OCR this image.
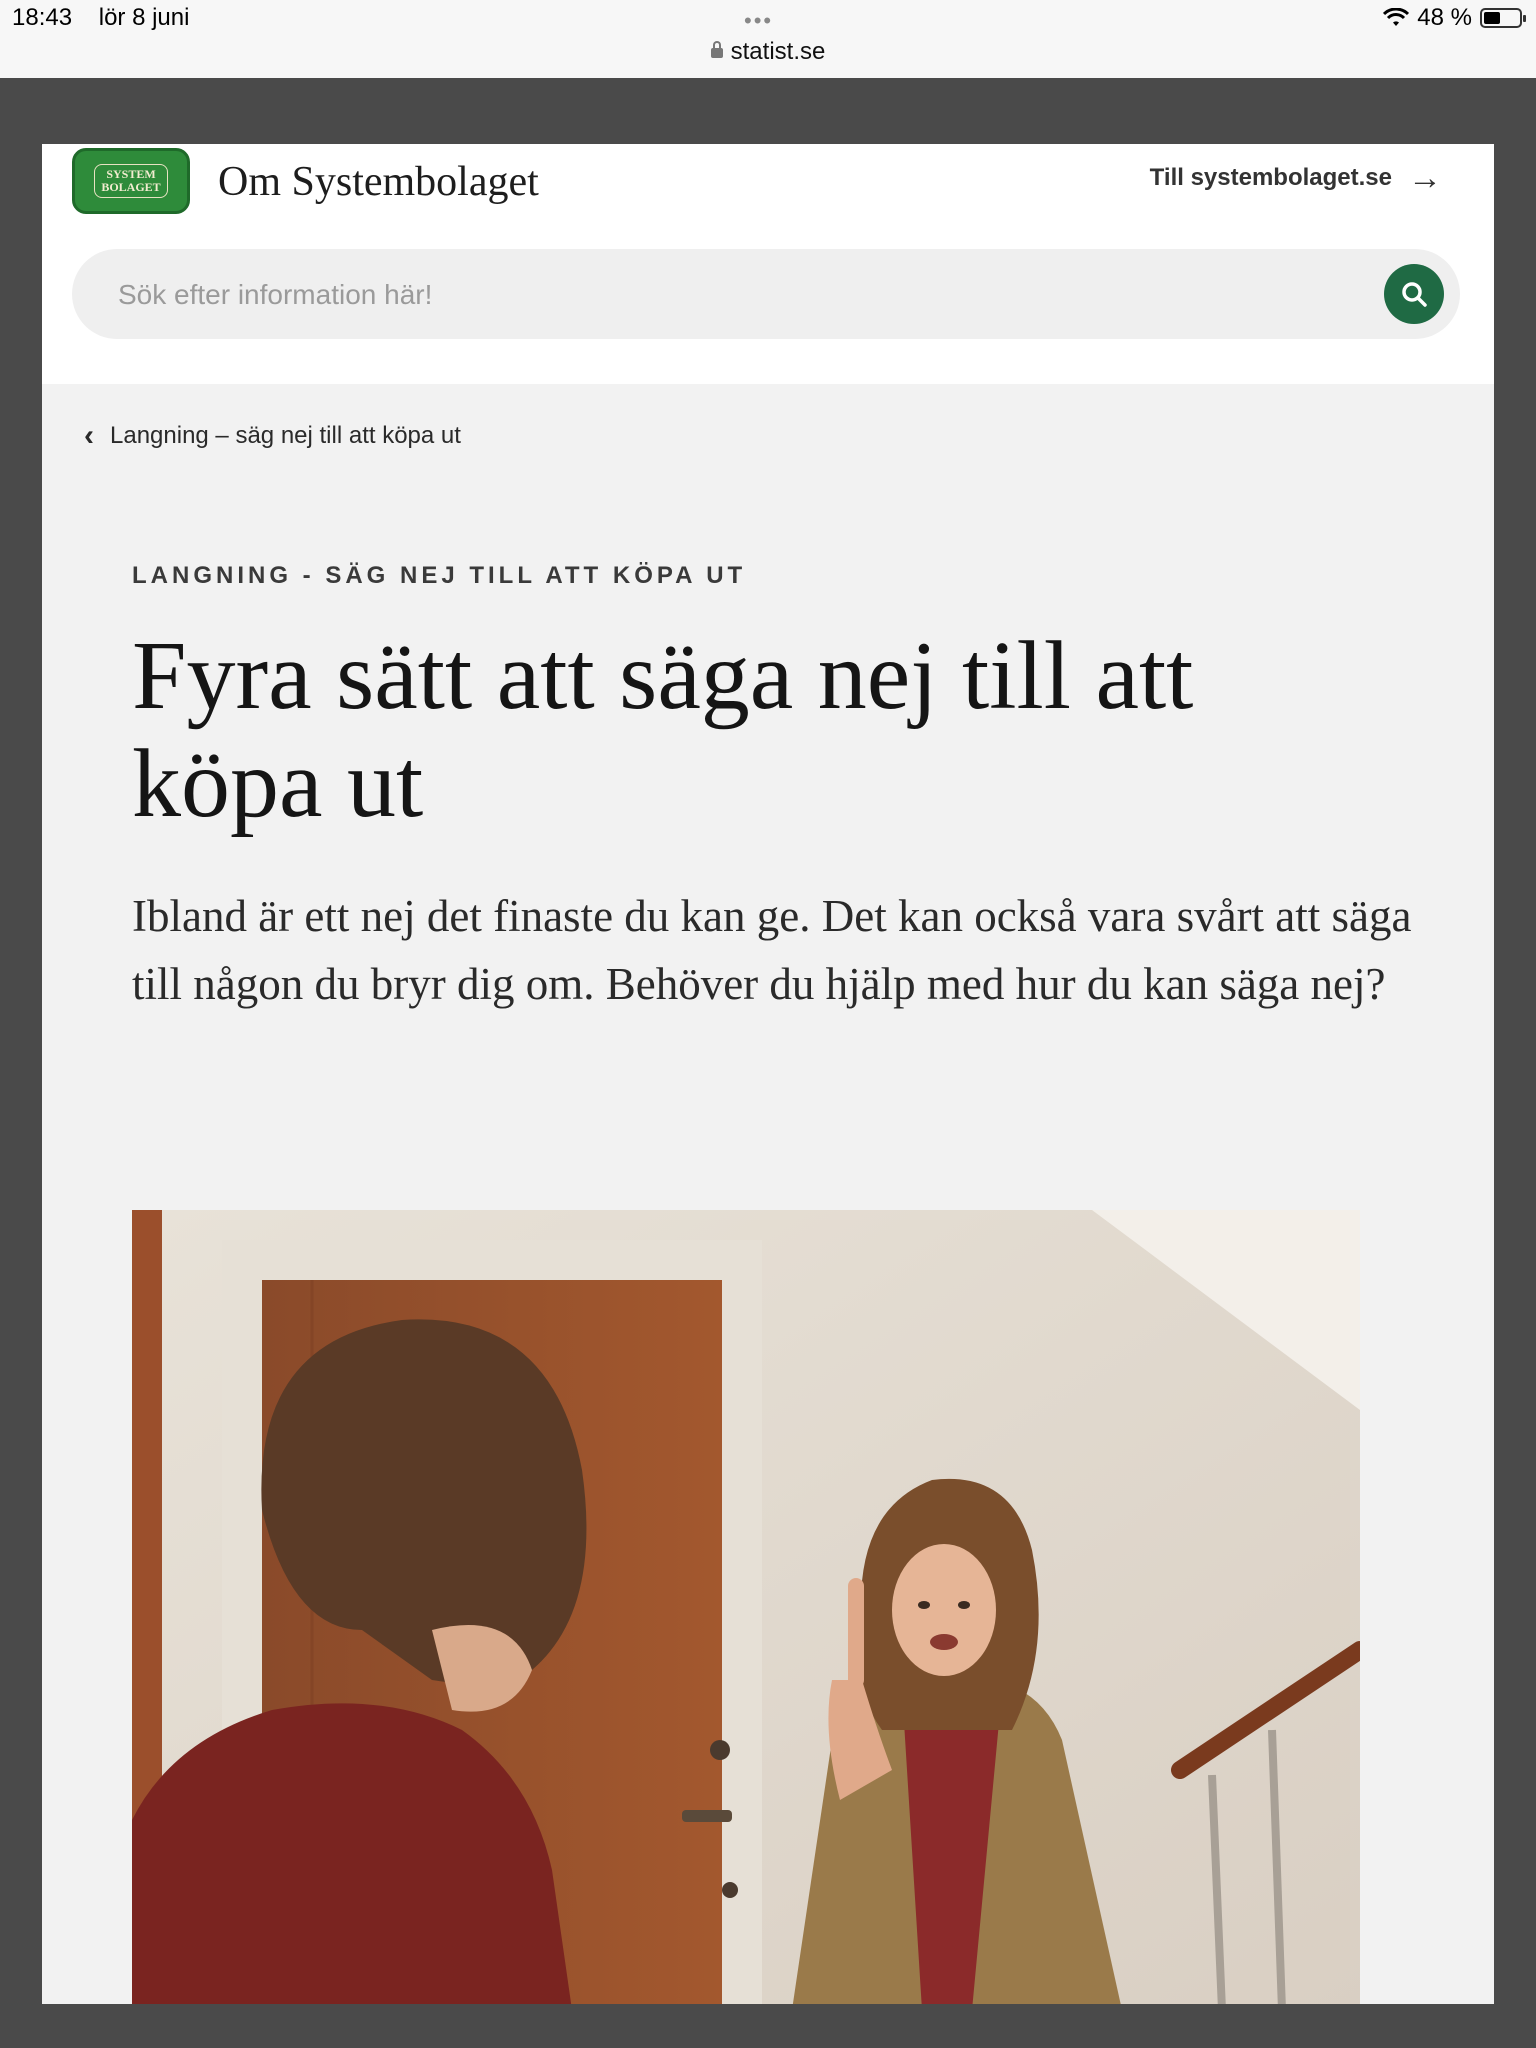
18:43 lör 8 juni	•••	48 %
statist.se
SYSTEM
BOLAGET Om Systembolaget	Till systembolaget.se →
Sök efter information här!
‹ Langning – säg nej till att köpa ut
LANGNING - SÄG NEJ TILL ATT KÖPA UT
Fyra sätt att säga nej till att köpa ut

Ibland är ett nej det finaste du kan ge. Det kan också vara svårt att säga till någon du bryr dig om. Behöver du hjälp med hur du kan säga nej?
